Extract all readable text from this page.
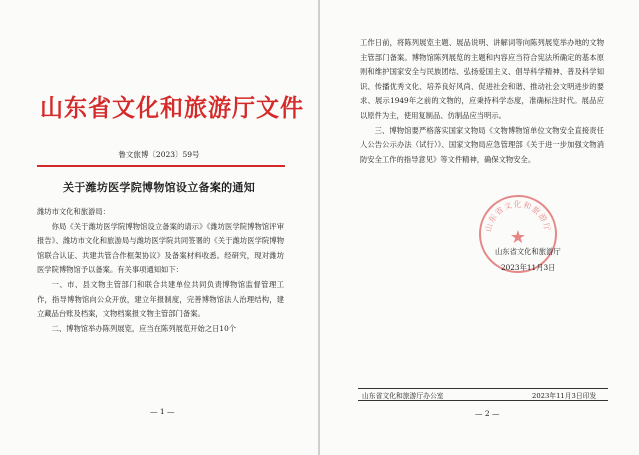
山东省文化和旅游厅文件
鲁文旅博〔2023〕59号
关于潍坊医学院博物馆设立备案的通知

潍坊市文化和旅游局：

你局《关于潍坊医学院博物馆设立备案的请示》《潍坊医学院博物馆评审报告》、潍坊市文化和旅游局与潍坊医学院共同签署的《关于潍坊医学院博物馆联合认证、共建共管合作框架协议》及备案材料收悉。经研究，现对潍坊医学院博物馆予以备案。有关事项通知如下：

一、市、县文物主管部门和联合共建单位共同负责博物馆监督管理工作，指导博物馆向公众开放，建立年报制度，完善博物馆法人治理结构，建立藏品台账及档案，文物档案报文物主管部门备案。

二、博物馆举办陈列展览，应当在陈列展览开始之日10个

— 1 —

工作日前，将陈列展览主题、展品说明、讲解词等向陈列展览举办地的文物主管部门备案。博物馆陈列展览的主题和内容应当符合宪法所确定的基本原则和维护国家安全与民族团结、弘扬爱国主义、倡导科学精神、普及科学知识、传播优秀文化、培养良好风尚、促进社会和谐、推动社会文明进步的要求、展示1949年之前的文物的，应秉持科学态度，准确标注时代。展品应以原件为主，使用复制品、仿制品应当明示。

三、博物馆要严格落实国家文物局《文物博物馆单位文物安全直接责任人公告公示办法（试行）》、国家文物局应急管理部《关于进一步加强文物消防安全工作的指导意见》等文件精神，确保文物安全。

山东省文化和旅游厅
★
山东省文化和旅游厅
2023年11月3日
山东省文化和旅游厅办公室	2023年11月3日印发
— 2 —
